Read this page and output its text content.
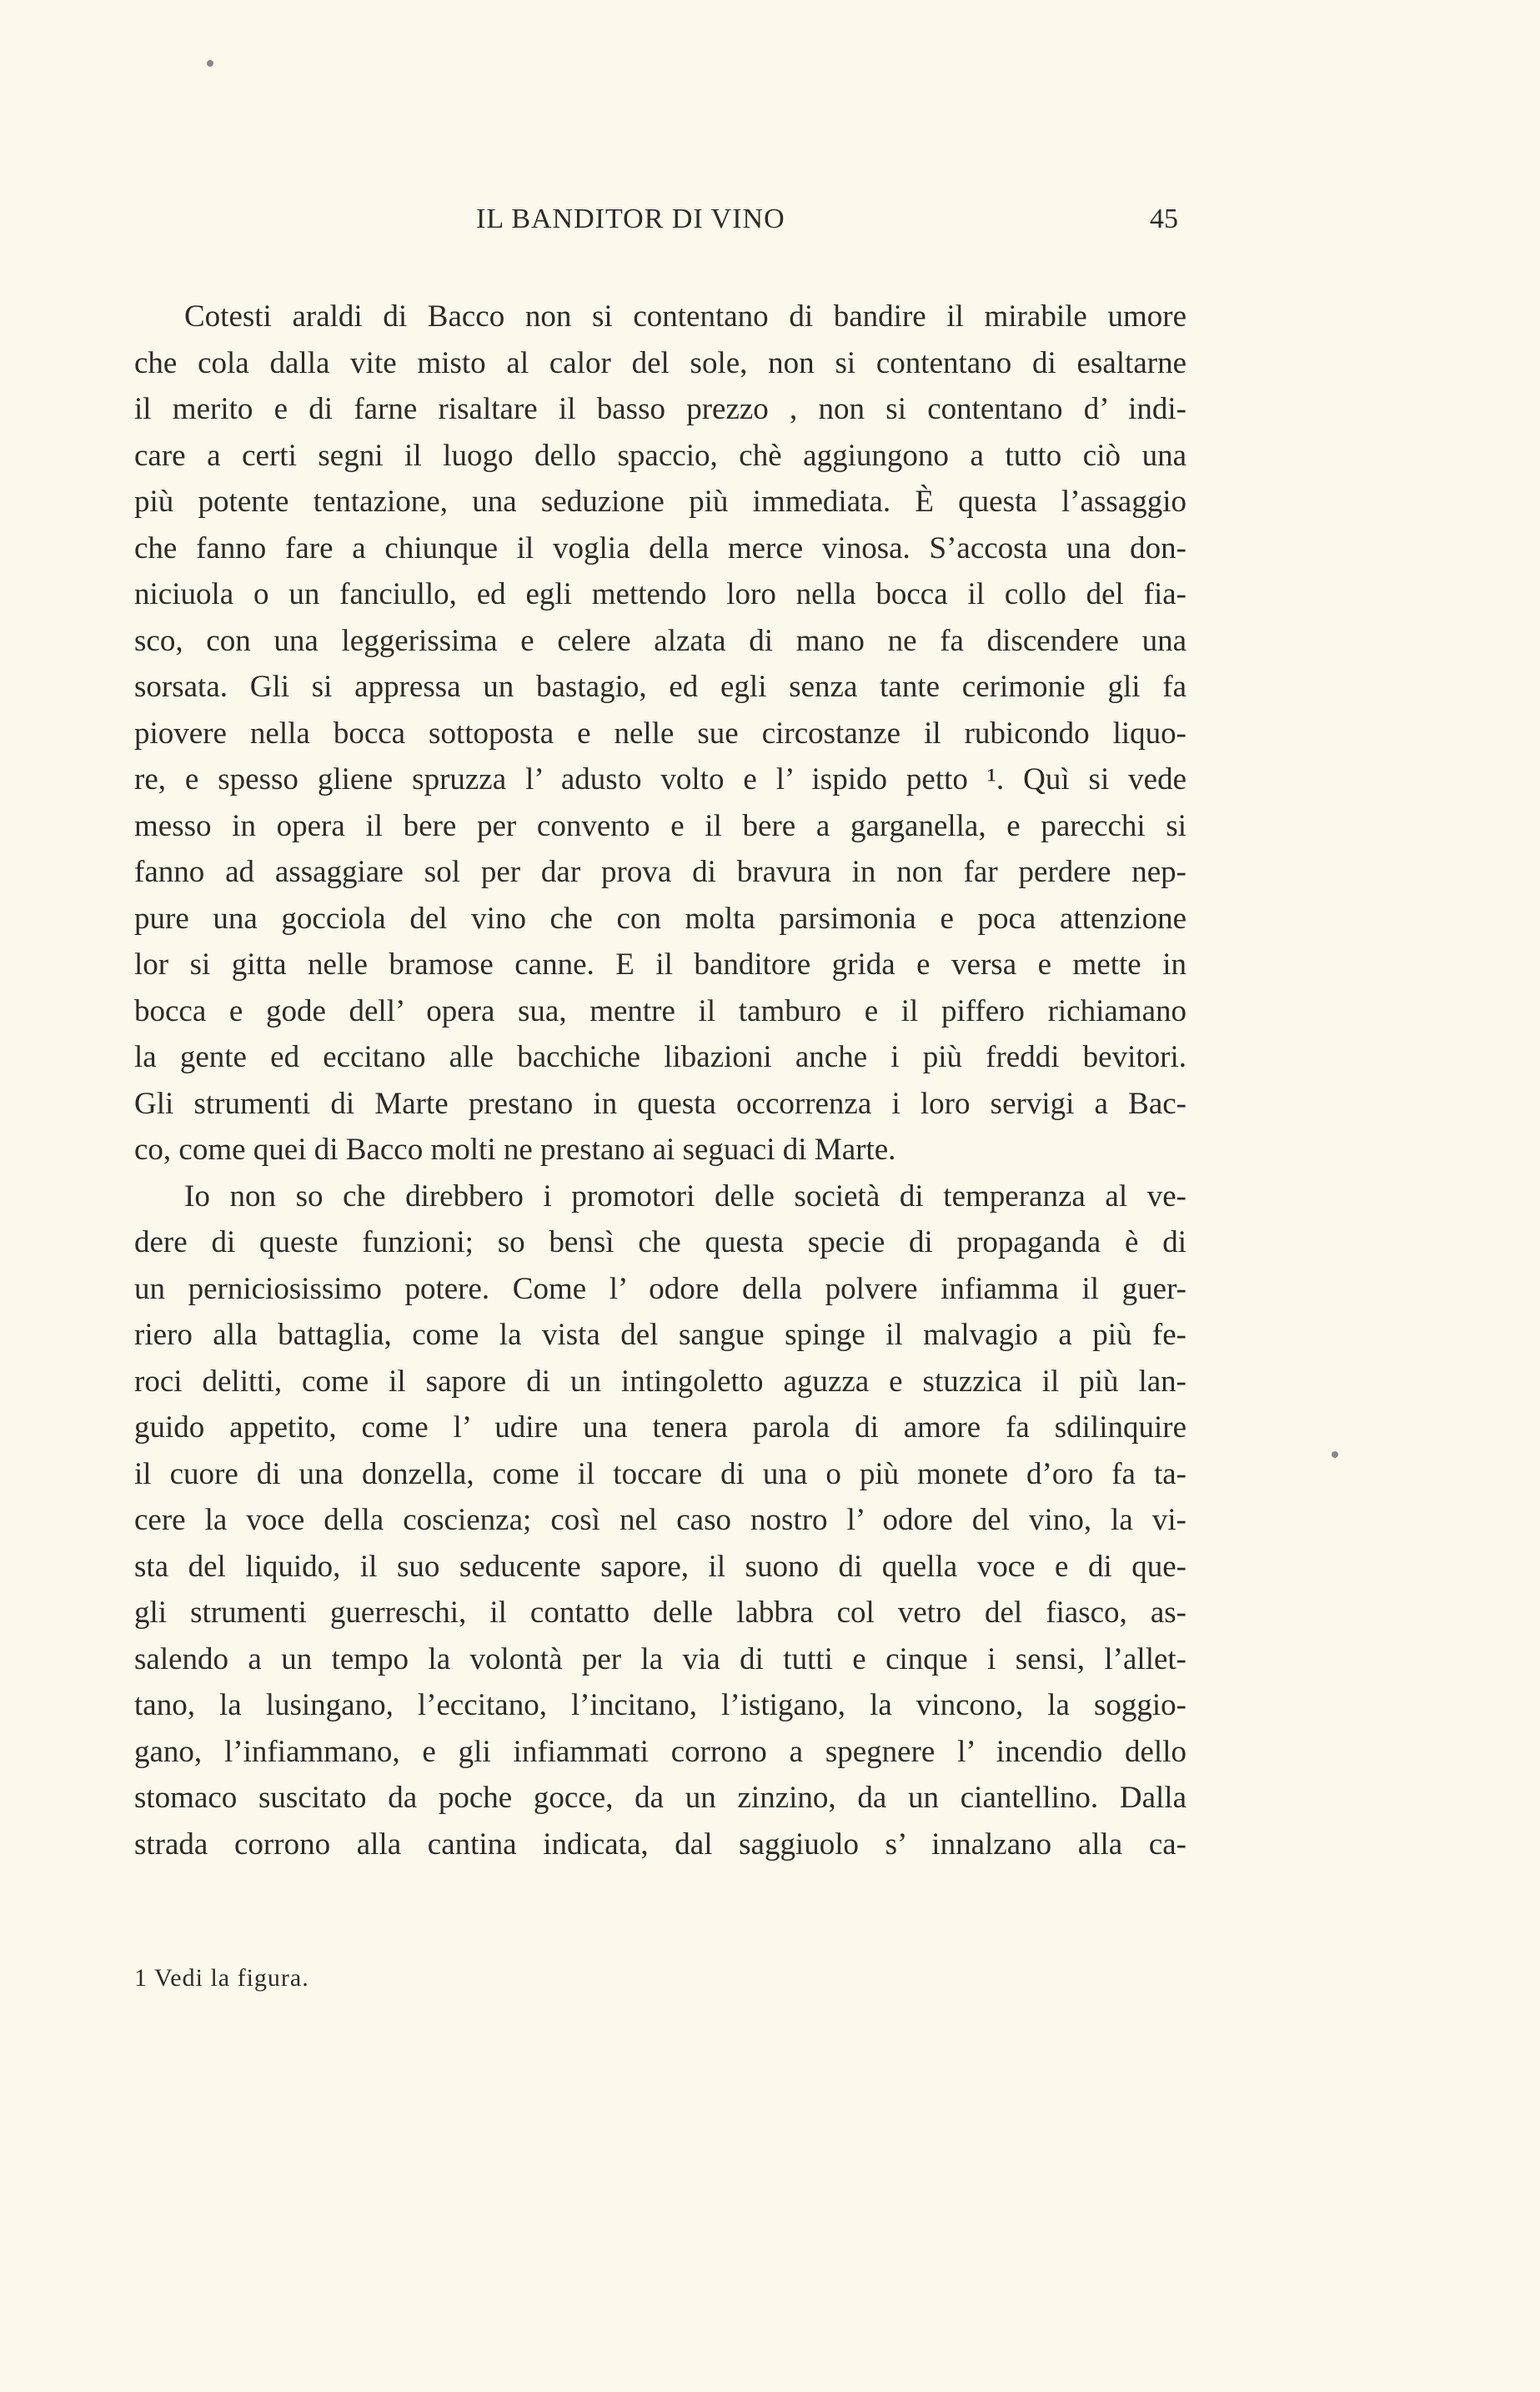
IL BANDITOR DI VINO	45
Cotesti araldi di Bacco non si contentano di bandire il mirabile umore
che cola dalla vite misto al calor del sole, non si contentano di esaltarne
il merito e di farne risaltare il basso prezzo , non si contentano d’ indi-
care a certi segni il luogo dello spaccio, chè aggiungono a tutto ciò una
più potente tentazione, una seduzione più immediata. È questa l’assaggio
che fanno fare a chiunque il voglia della merce vinosa. S’accosta una don-
niciuola o un fanciullo, ed egli mettendo loro nella bocca il collo del fia-
sco, con una leggerissima e celere alzata di mano ne fa discendere una
sorsata. Gli si appressa un bastagio, ed egli senza tante cerimonie gli fa
piovere nella bocca sottoposta e nelle sue circostanze il rubicondo liquo-
re, e spesso gliene spruzza l’ adusto volto e l’ ispido petto ¹. Quì si vede
messo in opera il bere per convento e il bere a garganella, e parecchi si
fanno ad assaggiare sol per dar prova di bravura in non far perdere nep-
pure una gocciola del vino che con molta parsimonia e poca attenzione
lor si gitta nelle bramose canne. E il banditore grida e versa e mette in
bocca e gode dell’ opera sua, mentre il tamburo e il piffero richiamano
la gente ed eccitano alle bacchiche libazioni anche i più freddi bevitori.
Gli strumenti di Marte prestano in questa occorrenza i loro servigi a Bac-
co, come quei di Bacco molti ne prestano ai seguaci di Marte.
Io non so che direbbero i promotori delle società di temperanza al ve-
dere di queste funzioni; so bensì che questa specie di propaganda è di
un perniciosissimo potere. Come l’ odore della polvere infiamma il guer-
riero alla battaglia, come la vista del sangue spinge il malvagio a più fe-
roci delitti, come il sapore di un intingoletto aguzza e stuzzica il più lan-
guido appetito, come l’ udire una tenera parola di amore fa sdilinquire
il cuore di una donzella, come il toccare di una o più monete d’oro fa ta-
cere la voce della coscienza; così nel caso nostro l’ odore del vino, la vi-
sta del liquido, il suo seducente sapore, il suono di quella voce e di que-
gli strumenti guerreschi, il contatto delle labbra col vetro del fiasco, as-
salendo a un tempo la volontà per la via di tutti e cinque i sensi, l’allet-
tano, la lusingano, l’eccitano, l’incitano, l’istigano, la vincono, la soggio-
gano, l’infiammano, e gli infiammati corrono a spegnere l’ incendio dello
stomaco suscitato da poche gocce, da un zinzino, da un ciantellino. Dalla
strada corrono alla cantina indicata, dal saggiuolo s’ innalzano alla ca-
1 Vedi la figura.
